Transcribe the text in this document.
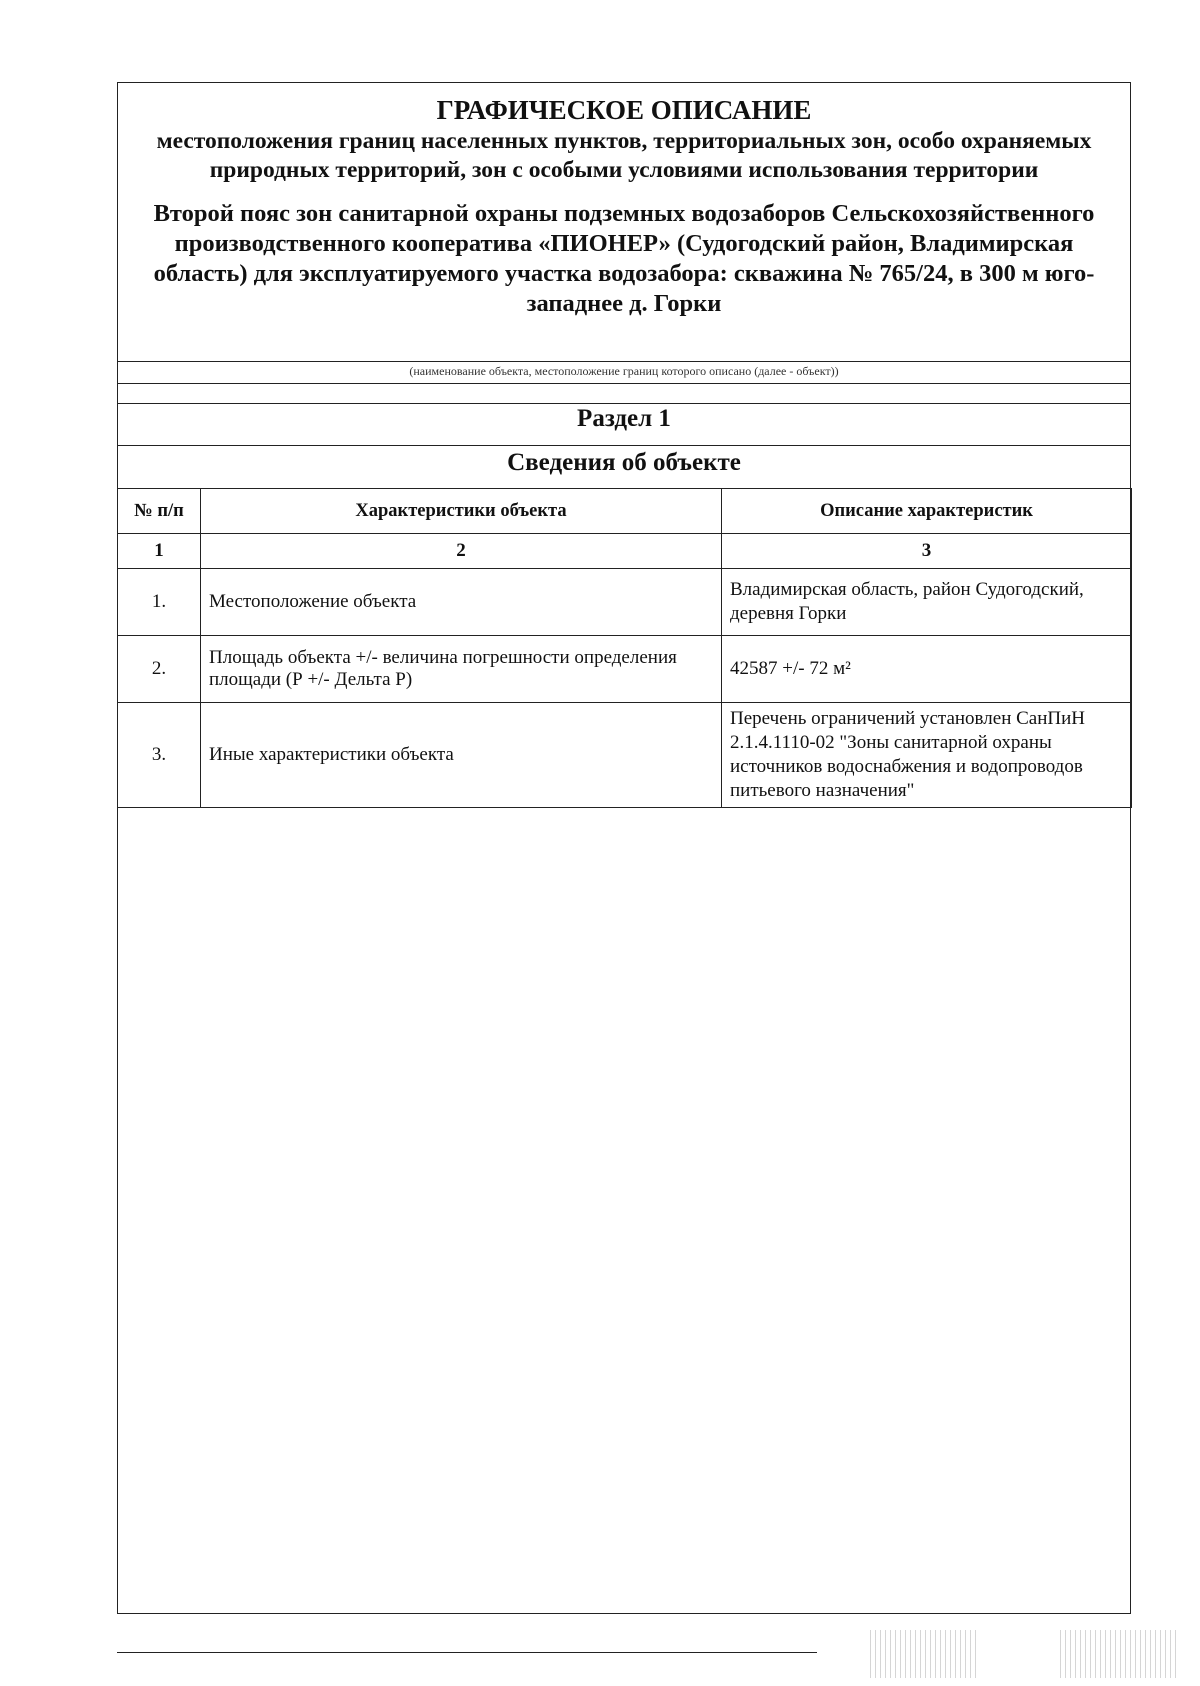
ГРАФИЧЕСКОЕ ОПИСАНИЕ
местоположения границ населенных пунктов, территориальных зон, особо охраняемых природных территорий, зон с особыми условиями использования территории
Второй пояс зон санитарной охраны подземных водозаборов Сельскохозяйственного производственного кооператива «ПИОНЕР» (Судогодский район, Владимирская область) для эксплуатируемого участка водозабора: скважина № 765/24, в 300 м юго-западнее д. Горки
(наименование объекта, местоположение границ которого описано (далее - объект))
Раздел 1
Сведения об объекте
№ п/п	Характеристики объекта	Описание характеристик
1	2	3
1.	Местоположение объекта	Владимирская область, район Судогодский, деревня Горки
2.	Площадь объекта +/- величина погрешности определения площади (Р +/- Дельта Р)	42587 +/- 72 м²
3.	Иные характеристики объекта	Перечень ограничений установлен СанПиН 2.1.4.1110-02 "Зоны санитарной охраны источников водоснабжения и водопроводов питьевого назначения"
